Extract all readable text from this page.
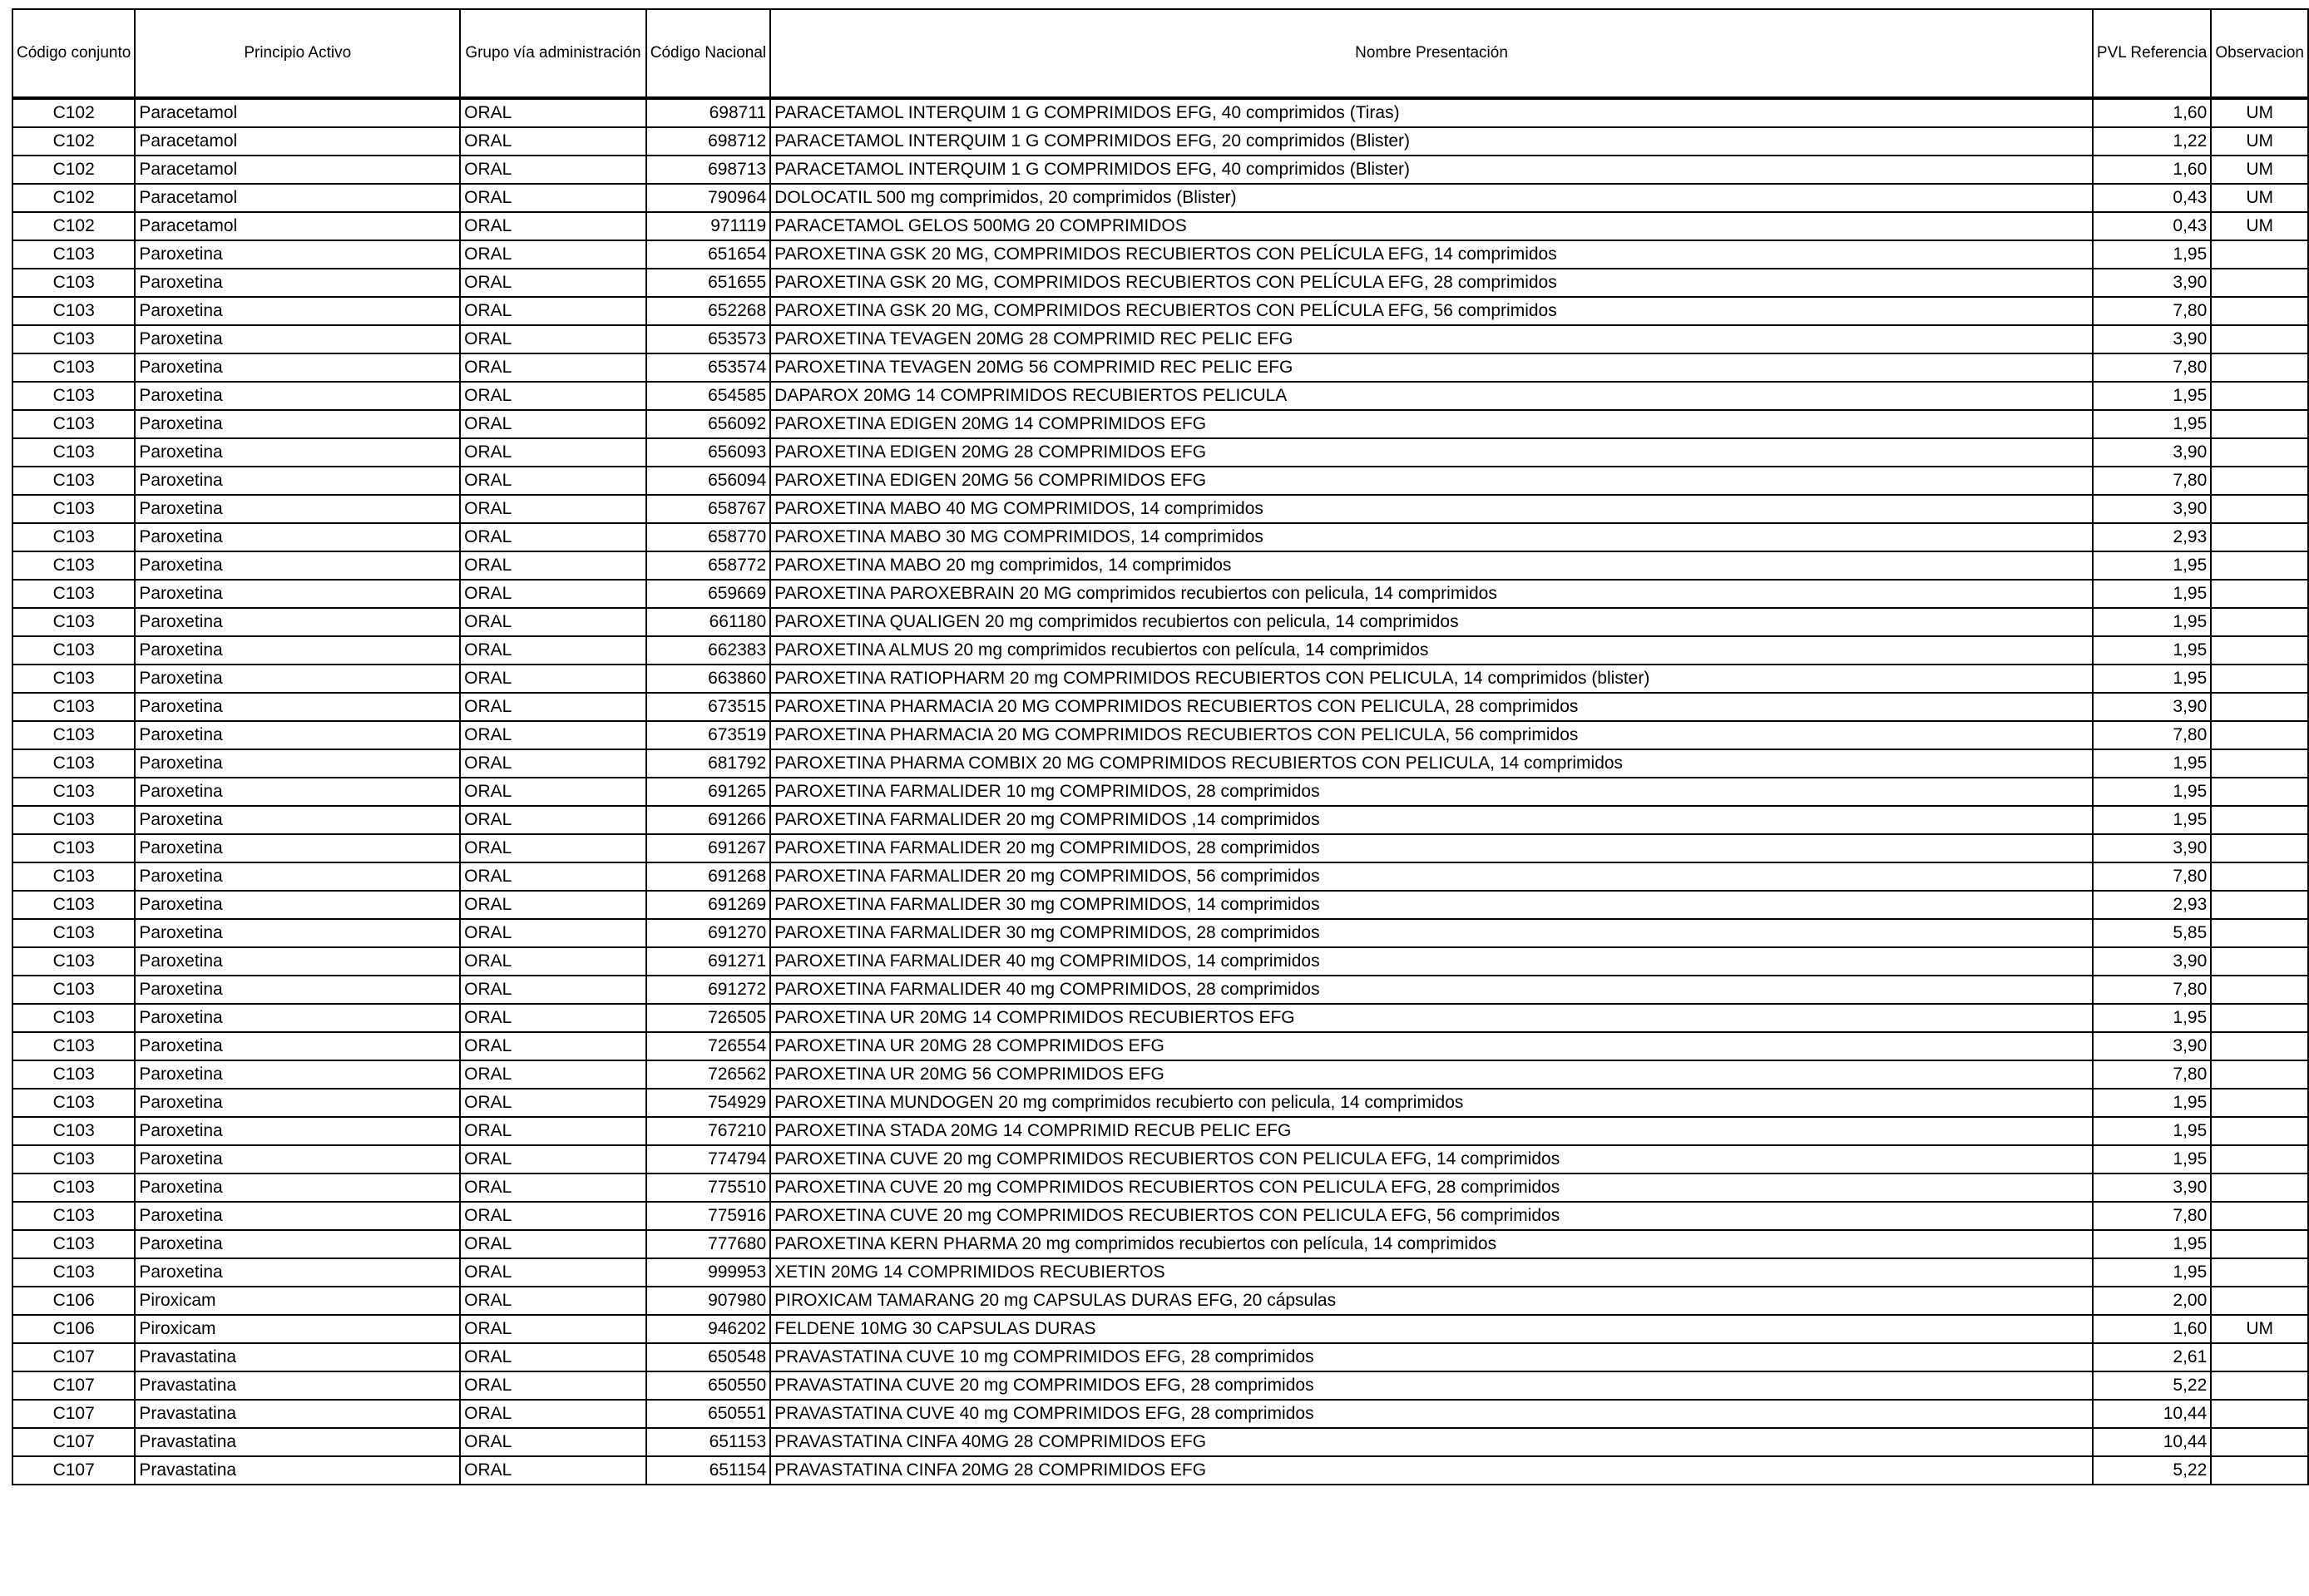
Código conjunto	Principio Activo	Grupo vía administración	Código Nacional	Nombre Presentación	PVL Referencia	Observacion
C102	Paracetamol	ORAL	698711	PARACETAMOL INTERQUIM 1 G COMPRIMIDOS EFG, 40 comprimidos (Tiras)	1,60	UM
C102	Paracetamol	ORAL	698712	PARACETAMOL INTERQUIM 1 G COMPRIMIDOS EFG, 20 comprimidos (Blister)	1,22	UM
C102	Paracetamol	ORAL	698713	PARACETAMOL INTERQUIM 1 G COMPRIMIDOS EFG, 40 comprimidos (Blister)	1,60	UM
C102	Paracetamol	ORAL	790964	DOLOCATIL 500 mg comprimidos, 20 comprimidos (Blister)	0,43	UM
C102	Paracetamol	ORAL	971119	PARACETAMOL GELOS 500MG 20 COMPRIMIDOS	0,43	UM
C103	Paroxetina	ORAL	651654	PAROXETINA GSK 20 MG, COMPRIMIDOS RECUBIERTOS CON PELÍCULA EFG, 14 comprimidos	1,95	
C103	Paroxetina	ORAL	651655	PAROXETINA GSK 20 MG, COMPRIMIDOS RECUBIERTOS CON PELÍCULA EFG, 28 comprimidos	3,90	
C103	Paroxetina	ORAL	652268	PAROXETINA GSK 20 MG, COMPRIMIDOS RECUBIERTOS CON PELÍCULA EFG, 56 comprimidos	7,80	
C103	Paroxetina	ORAL	653573	PAROXETINA TEVAGEN 20MG 28 COMPRIMID REC PELIC EFG	3,90	
C103	Paroxetina	ORAL	653574	PAROXETINA TEVAGEN 20MG 56 COMPRIMID REC PELIC EFG	7,80	
C103	Paroxetina	ORAL	654585	DAPAROX 20MG 14 COMPRIMIDOS RECUBIERTOS PELICULA	1,95	
C103	Paroxetina	ORAL	656092	PAROXETINA EDIGEN 20MG 14 COMPRIMIDOS EFG	1,95	
C103	Paroxetina	ORAL	656093	PAROXETINA EDIGEN 20MG 28 COMPRIMIDOS EFG	3,90	
C103	Paroxetina	ORAL	656094	PAROXETINA EDIGEN 20MG 56 COMPRIMIDOS EFG	7,80	
C103	Paroxetina	ORAL	658767	PAROXETINA MABO 40 MG COMPRIMIDOS, 14 comprimidos	3,90	
C103	Paroxetina	ORAL	658770	PAROXETINA MABO 30 MG COMPRIMIDOS, 14 comprimidos	2,93	
C103	Paroxetina	ORAL	658772	PAROXETINA MABO 20 mg comprimidos, 14 comprimidos	1,95	
C103	Paroxetina	ORAL	659669	PAROXETINA PAROXEBRAIN 20 MG comprimidos recubiertos con pelicula, 14 comprimidos	1,95	
C103	Paroxetina	ORAL	661180	PAROXETINA QUALIGEN 20 mg comprimidos recubiertos con pelicula, 14 comprimidos	1,95	
C103	Paroxetina	ORAL	662383	PAROXETINA ALMUS 20 mg comprimidos recubiertos con película, 14 comprimidos	1,95	
C103	Paroxetina	ORAL	663860	PAROXETINA RATIOPHARM 20 mg COMPRIMIDOS RECUBIERTOS CON PELICULA, 14 comprimidos (blister)	1,95	
C103	Paroxetina	ORAL	673515	PAROXETINA PHARMACIA 20 MG COMPRIMIDOS RECUBIERTOS CON PELICULA, 28 comprimidos	3,90	
C103	Paroxetina	ORAL	673519	PAROXETINA PHARMACIA 20 MG COMPRIMIDOS RECUBIERTOS CON PELICULA, 56 comprimidos	7,80	
C103	Paroxetina	ORAL	681792	PAROXETINA PHARMA COMBIX 20 MG COMPRIMIDOS RECUBIERTOS CON PELICULA, 14 comprimidos	1,95	
C103	Paroxetina	ORAL	691265	PAROXETINA FARMALIDER 10 mg COMPRIMIDOS, 28 comprimidos	1,95	
C103	Paroxetina	ORAL	691266	PAROXETINA FARMALIDER 20 mg COMPRIMIDOS ,14 comprimidos	1,95	
C103	Paroxetina	ORAL	691267	PAROXETINA FARMALIDER 20 mg COMPRIMIDOS, 28 comprimidos	3,90	
C103	Paroxetina	ORAL	691268	PAROXETINA FARMALIDER 20 mg COMPRIMIDOS, 56 comprimidos	7,80	
C103	Paroxetina	ORAL	691269	PAROXETINA FARMALIDER 30 mg COMPRIMIDOS, 14 comprimidos	2,93	
C103	Paroxetina	ORAL	691270	PAROXETINA FARMALIDER 30 mg COMPRIMIDOS, 28 comprimidos	5,85	
C103	Paroxetina	ORAL	691271	PAROXETINA FARMALIDER 40 mg COMPRIMIDOS, 14 comprimidos	3,90	
C103	Paroxetina	ORAL	691272	PAROXETINA FARMALIDER 40 mg COMPRIMIDOS, 28 comprimidos	7,80	
C103	Paroxetina	ORAL	726505	PAROXETINA UR 20MG 14 COMPRIMIDOS RECUBIERTOS EFG	1,95	
C103	Paroxetina	ORAL	726554	PAROXETINA UR 20MG 28 COMPRIMIDOS EFG	3,90	
C103	Paroxetina	ORAL	726562	PAROXETINA UR 20MG 56 COMPRIMIDOS EFG	7,80	
C103	Paroxetina	ORAL	754929	PAROXETINA MUNDOGEN 20 mg comprimidos recubierto con pelicula, 14 comprimidos	1,95	
C103	Paroxetina	ORAL	767210	PAROXETINA STADA 20MG 14 COMPRIMID RECUB PELIC EFG	1,95	
C103	Paroxetina	ORAL	774794	PAROXETINA CUVE 20 mg COMPRIMIDOS RECUBIERTOS CON PELICULA EFG, 14 comprimidos	1,95	
C103	Paroxetina	ORAL	775510	PAROXETINA CUVE 20 mg COMPRIMIDOS RECUBIERTOS CON PELICULA EFG, 28 comprimidos	3,90	
C103	Paroxetina	ORAL	775916	PAROXETINA CUVE 20 mg COMPRIMIDOS RECUBIERTOS CON PELICULA EFG, 56 comprimidos	7,80	
C103	Paroxetina	ORAL	777680	PAROXETINA KERN PHARMA 20 mg comprimidos recubiertos con película, 14 comprimidos	1,95	
C103	Paroxetina	ORAL	999953	XETIN 20MG 14 COMPRIMIDOS RECUBIERTOS	1,95	
C106	Piroxicam	ORAL	907980	PIROXICAM TAMARANG 20 mg CAPSULAS DURAS EFG, 20 cápsulas	2,00	
C106	Piroxicam	ORAL	946202	FELDENE 10MG 30 CAPSULAS DURAS	1,60	UM
C107	Pravastatina	ORAL	650548	PRAVASTATINA CUVE 10 mg COMPRIMIDOS EFG, 28 comprimidos	2,61	
C107	Pravastatina	ORAL	650550	PRAVASTATINA CUVE 20 mg COMPRIMIDOS EFG, 28 comprimidos	5,22	
C107	Pravastatina	ORAL	650551	PRAVASTATINA CUVE 40 mg COMPRIMIDOS EFG, 28 comprimidos	10,44	
C107	Pravastatina	ORAL	651153	PRAVASTATINA CINFA 40MG 28 COMPRIMIDOS EFG	10,44	
C107	Pravastatina	ORAL	651154	PRAVASTATINA CINFA 20MG 28 COMPRIMIDOS EFG	5,22	
